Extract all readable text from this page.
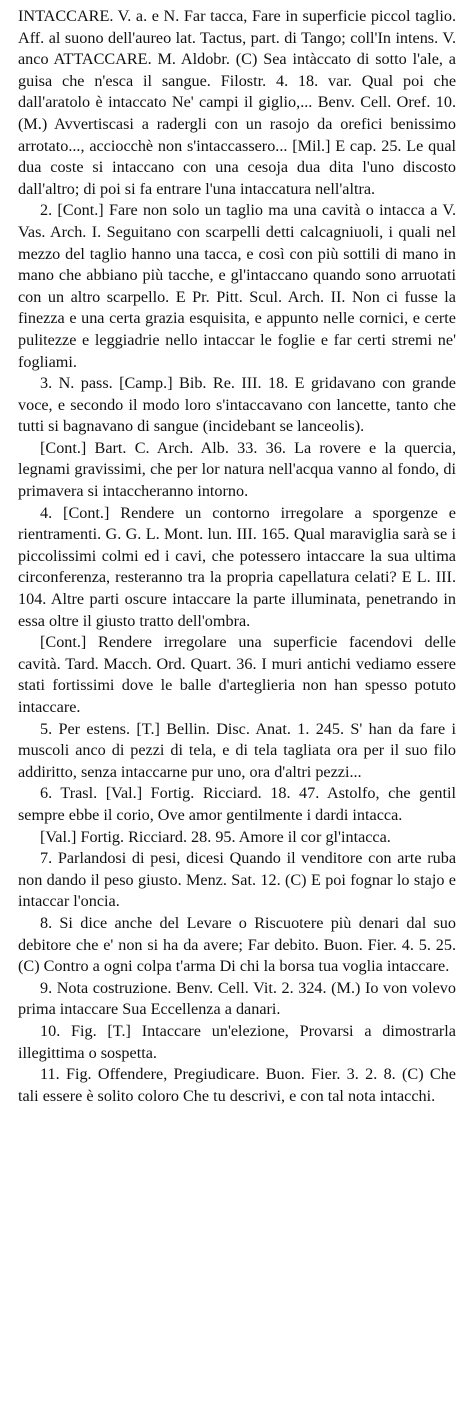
INTACCARE. V. a. e N. Far tacca, Fare in superficie piccol taglio. Aff. al suono dell'aureo lat. Tactus, part. di Tango; coll'In intens. V. anco ATTACCARE. M. Aldobr. (C) Sea intàccato di sotto l'ale, a guisa che n'esca il sangue. Filostr. 4. 18. var. Qual poi che dall'aratolo è intaccato Ne' campi il giglio,... Benv. Cell. Oref. 10. (M.) Avvertiscasi a radergli con un rasojo da orefici benissimo arrotato..., acciocchè non s'intaccassero... [Mil.] E cap. 25. Le qual dua coste si intaccano con una cesoja dua dita l'uno discosto dall'altro; di poi si fa entrare l'una intaccatura nell'altra.

2. [Cont.] Fare non solo un taglio ma una cavità o intacca a V. Vas. Arch. I. Seguitano con scarpelli detti calcagniuoli, i quali nel mezzo del taglio hanno una tacca, e così con più sottili di mano in mano che abbiano più tacche, e gl'intaccano quando sono arruotati con un altro scarpello. E Pr. Pitt. Scul. Arch. II. Non ci fusse la finezza e una certa grazia esquisita, e appunto nelle cornici, e certe pulitezze e leggiadrie nello intaccar le foglie e far certi stremi ne' fogliami.

3. N. pass. [Camp.] Bib. Re. III. 18. E gridavano con grande voce, e secondo il modo loro s'intaccavano con lancette, tanto che tutti si bagnavano di sangue (incidebant se lanceolis).

[Cont.] Bart. C. Arch. Alb. 33. 36. La rovere e la quercia, legnami gravissimi, che per lor natura nell'acqua vanno al fondo, di primavera si intaccheranno intorno.

4. [Cont.] Rendere un contorno irregolare a sporgenze e rientramenti. G. G. L. Mont. lun. III. 165. Qual maraviglia sarà se i piccolissimi colmi ed i cavi, che potessero intaccare la sua ultima circonferenza, resteranno tra la propria capellatura celati? E L. III. 104. Altre parti oscure intaccare la parte illuminata, penetrando in essa oltre il giusto tratto dell'ombra.

[Cont.] Rendere irregolare una superficie facendovi delle cavità. Tard. Macch. Ord. Quart. 36. I muri antichi vediamo essere stati fortissimi dove le balle d'arteglieria non han spesso potuto intaccare.

5. Per estens. [T.] Bellin. Disc. Anat. 1. 245. S' han da fare i muscoli anco di pezzi di tela, e di tela tagliata ora per il suo filo addiritto, senza intaccarne pur uno, ora d'altri pezzi...

6. Trasl. [Val.] Fortig. Ricciard. 18. 47. Astolfo, che gentil sempre ebbe il corio, Ove amor gentilmente i dardi intacca.

[Val.] Fortig. Ricciard. 28. 95. Amore il cor gl'intacca.

7. Parlandosi di pesi, dicesi Quando il venditore con arte ruba non dando il peso giusto. Menz. Sat. 12. (C) E poi fognar lo stajo e intaccar l'oncia.

8. Si dice anche del Levare o Riscuotere più denari dal suo debitore che e' non si ha da avere; Far debito. Buon. Fier. 4. 5. 25. (C) Contro a ogni colpa t'arma Di chi la borsa tua voglia intaccare.

9. Nota costruzione. Benv. Cell. Vit. 2. 324. (M.) Io von volevo prima intaccare Sua Eccellenza a danari.

10. Fig. [T.] Intaccare un'elezione, Provarsi a dimostrarla illegittima o sospetta.

11. Fig. Offendere, Pregiudicare. Buon. Fier. 3. 2. 8. (C) Che tali essere è solito coloro Che tu descrivi, e con tal nota intacchi.
